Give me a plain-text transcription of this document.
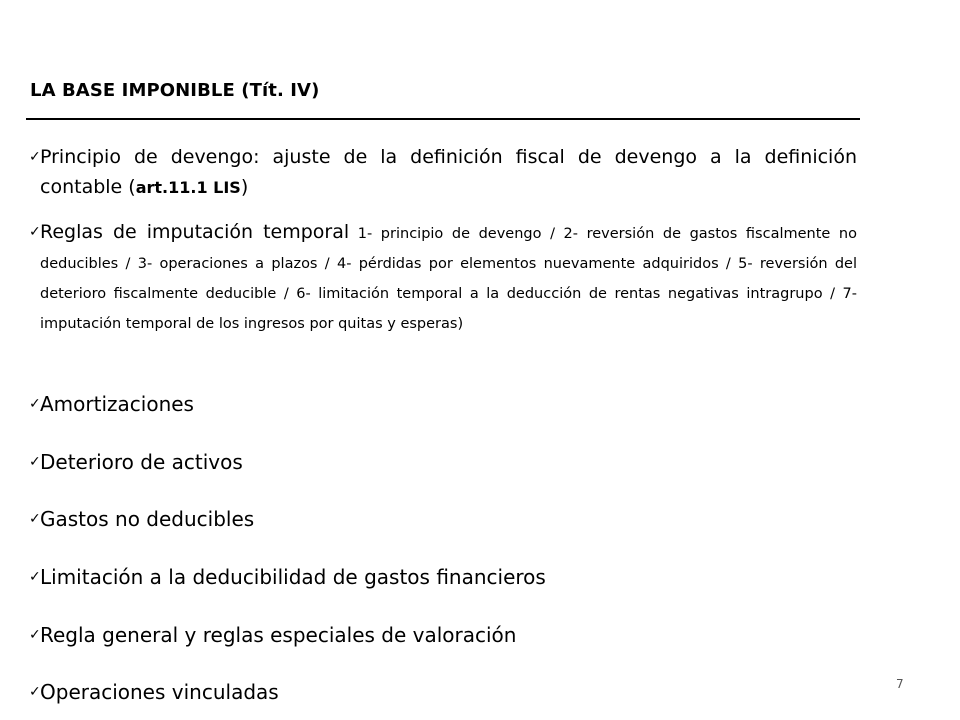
LA BASE IMPONIBLE (Tít. IV)
✓ Principio de devengo: ajuste de la definición fiscal de devengo a la definición contable (art.11.1 LIS)
✓ Reglas de imputación temporal 1- principio de devengo / 2- reversión de gastos fiscalmente no deducibles / 3- operaciones a plazos / 4- pérdidas por elementos nuevamente adquiridos / 5- reversión del deterioro fiscalmente deducible / 6- limitación temporal a la deducción de rentas negativas intragrupo / 7- imputación temporal de los ingresos por quitas y esperas)
✓ Amortizaciones
✓ Deterioro de activos
✓ Gastos no deducibles
✓ Limitación a la deducibilidad de gastos financieros
✓ Regla general y reglas especiales de valoración
✓ Operaciones vinculadas	7
